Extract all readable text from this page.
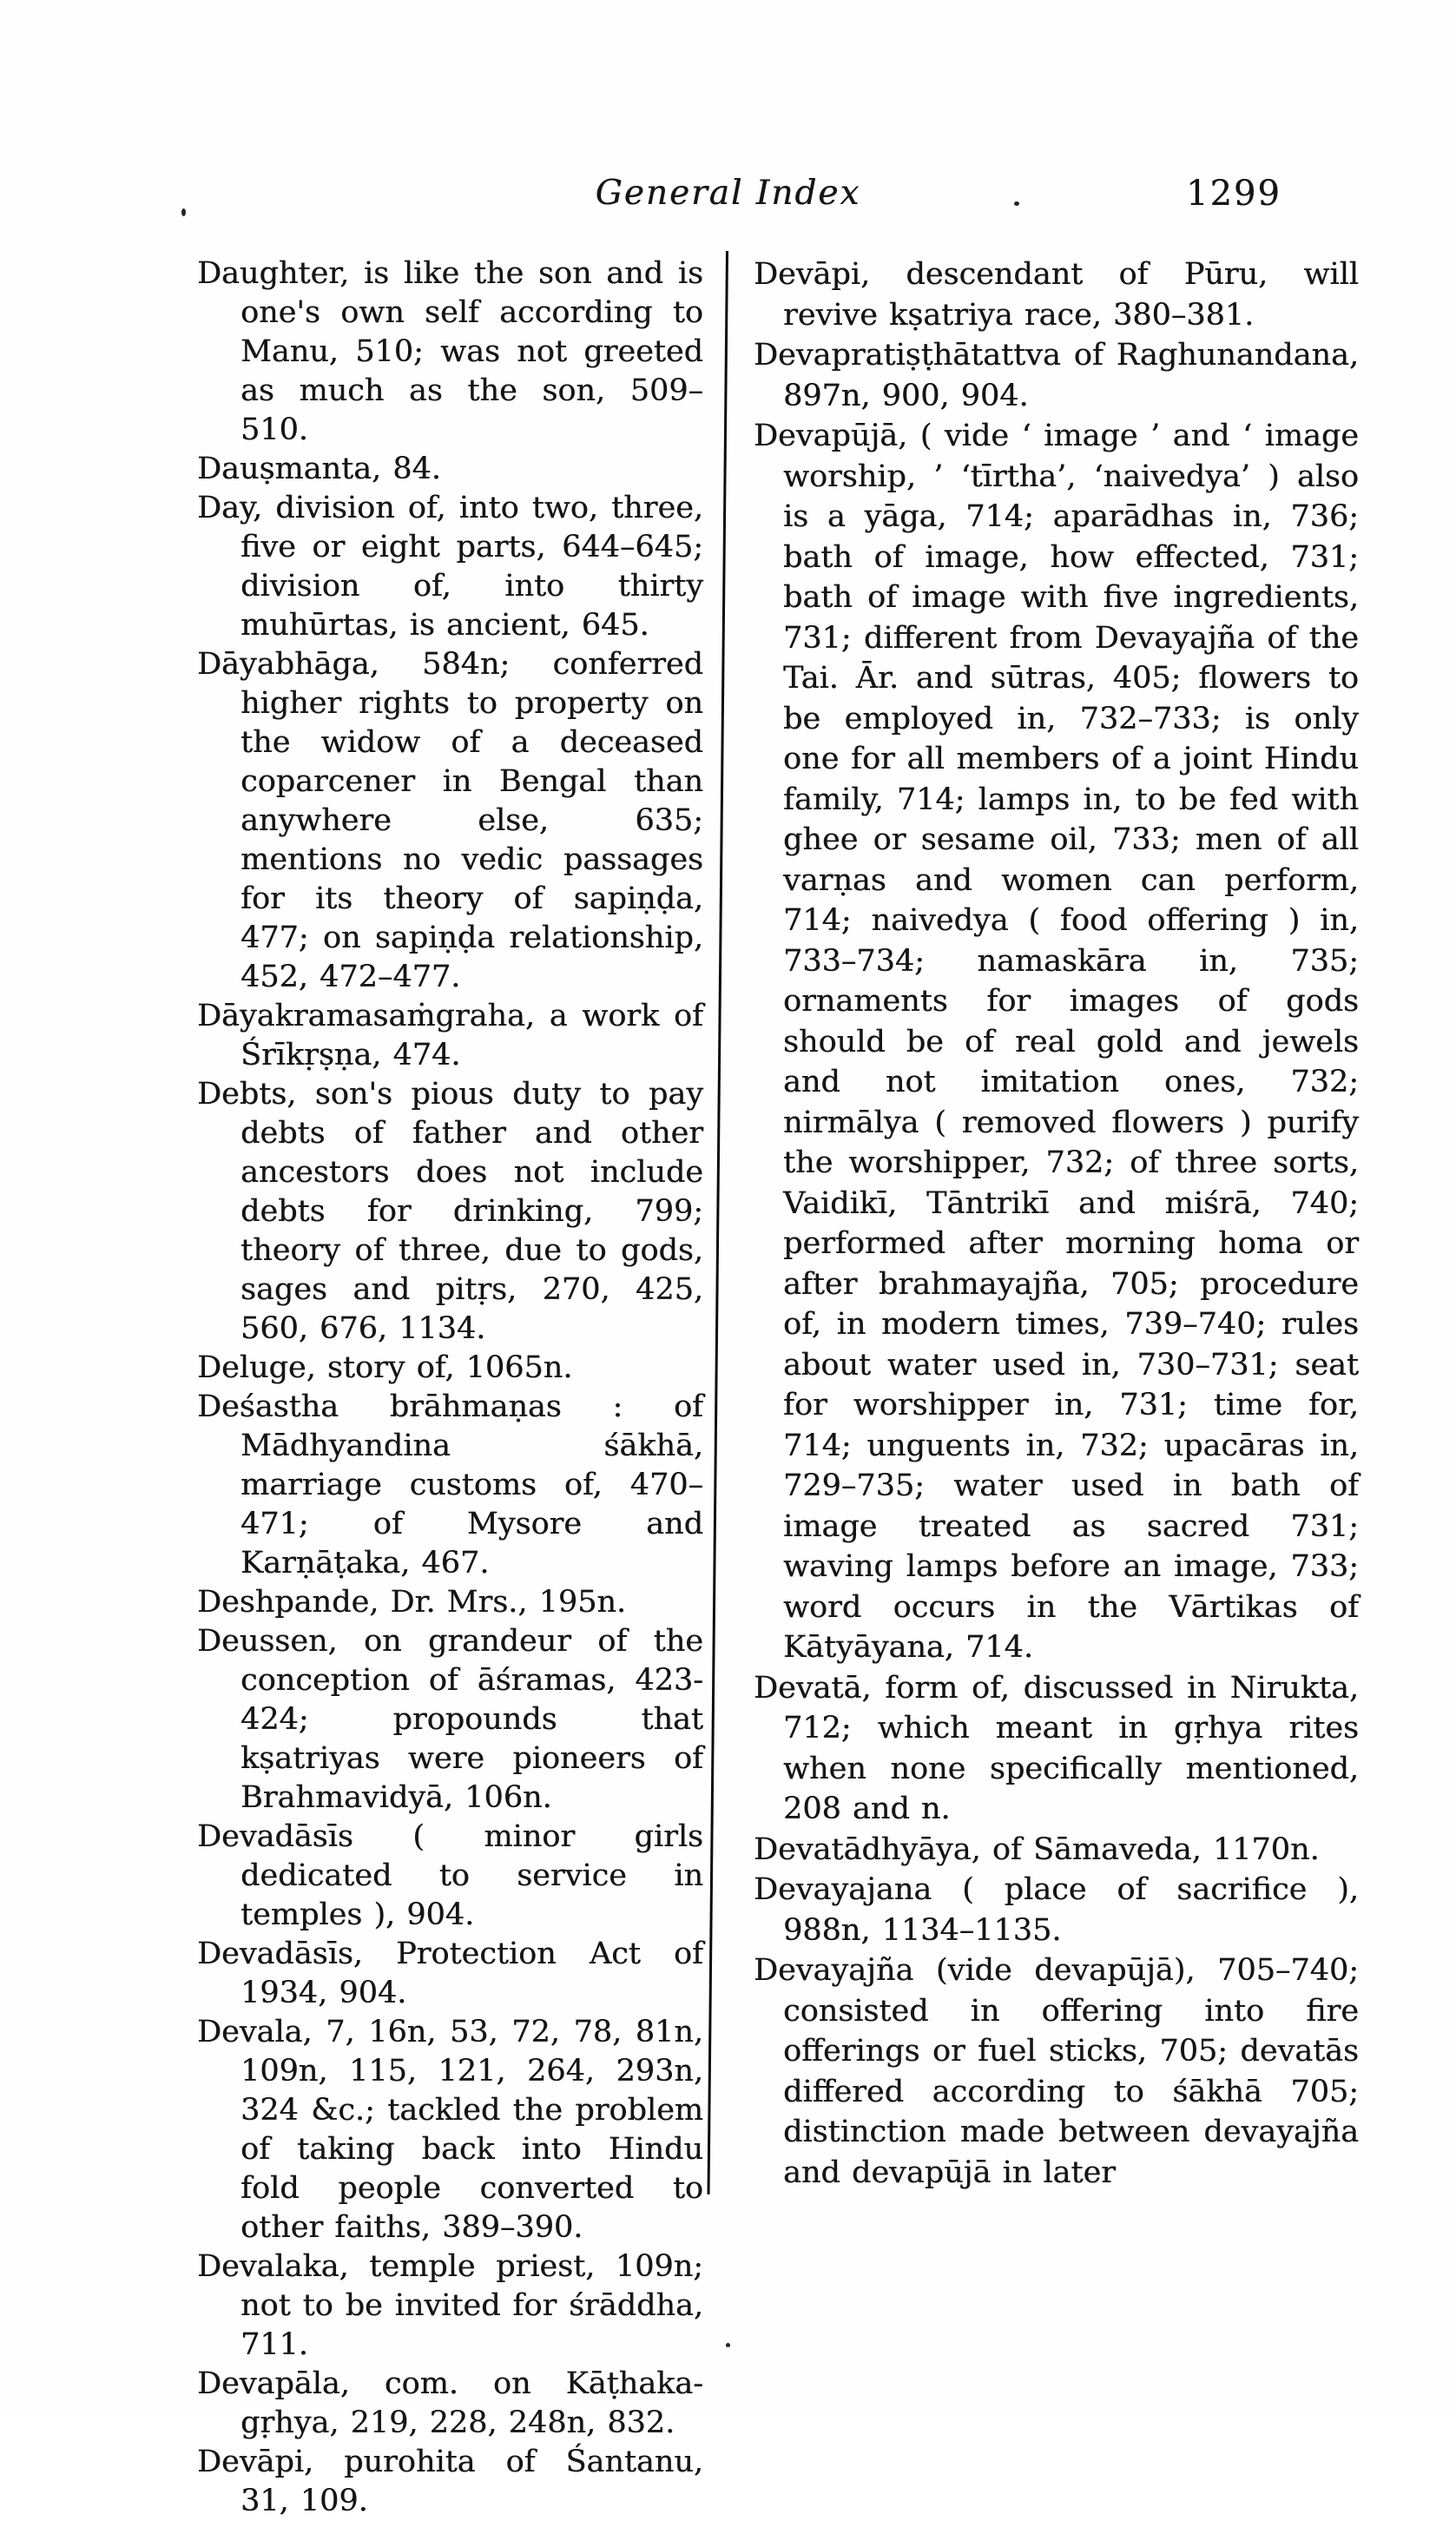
General Index	1299

Daughter, is like the son and is one's own self according to Manu, 510; was not greeted as much as the son, 509–510.

Dauṣmanta, 84.

Day, division of, into two, three, five or eight parts, 644–645; division of, into thirty muhūrtas, is ancient, 645.

Dāyabhāga, 584n; conferred higher rights to property on the widow of a deceased coparcener in Bengal than anywhere else, 635; mentions no vedic passages for its theory of sapiṇḍa, 477; on sapiṇḍa relationship, 452, 472–477.

Dāyakramasaṁgraha, a work of Śrīkṛṣṇa, 474.

Debts, son's pious duty to pay debts of father and other ancestors does not include debts for drinking, 799; theory of three, due to gods, sages and pitṛs, 270, 425, 560, 676, 1134.

Deluge, story of, 1065n.

Deśastha brāhmaṇas : of Mādhyandina śākhā, marriage customs of, 470–471; of Mysore and Karṇāṭaka, 467.

Deshpande, Dr. Mrs., 195n.

Deussen, on grandeur of the conception of āśramas, 423-424; propounds that kṣatriyas were pioneers of Brahmavidyā, 106n.

Devadāsīs ( minor girls dedicated to service in temples ), 904.

Devadāsīs, Protection Act of 1934, 904.

Devala, 7, 16n, 53, 72, 78, 81n, 109n, 115, 121, 264, 293n, 324 &c.; tackled the problem of taking back into Hindu fold people converted to other faiths, 389–390.

Devalaka, temple priest, 109n; not to be invited for śrāddha, 711.

Devapāla, com. on Kāṭhaka-gṛhya, 219, 228, 248n, 832.

Devāpi, purohita of Śantanu, 31, 109.

Devāpi, descendant of Pūru, will revive kṣatriya race, 380–381.

Devapratiṣṭhātattva of Raghunandana, 897n, 900, 904.

Devapūjā, ( vide ‘ image ’ and ‘ image worship, ’ ‘tīrtha’, ‘naivedya’ ) also is a yāga, 714; aparādhas in, 736; bath of image, how effected, 731; bath of image with five ingredients, 731; different from Devayajña of the Tai. Ār. and sūtras, 405; flowers to be employed in, 732–733; is only one for all members of a joint Hindu family, 714; lamps in, to be fed with ghee or sesame oil, 733; men of all varṇas and women can perform, 714; naivedya ( food offering ) in, 733–734; namaskāra in, 735; ornaments for images of gods should be of real gold and jewels and not imitation ones, 732; nirmālya ( removed flowers ) purify the worshipper, 732; of three sorts, Vaidikī, Tāntrikī and miśrā, 740; performed after morning homa or after brahmayajña, 705; procedure of, in modern times, 739–740; rules about water used in, 730–731; seat for worshipper in, 731; time for, 714; unguents in, 732; upacāras in, 729–735; water used in bath of image treated as sacred 731; waving lamps before an image, 733; word occurs in the Vārtikas of Kātyāyana, 714.

Devatā, form of, discussed in Nirukta, 712; which meant in gṛhya rites when none specifically mentioned, 208 and n.

Devatādhyāya, of Sāmaveda, 1170n.

Devayajana ( place of sacrifice ), 988n, 1134–1135.

Devayajña (vide devapūjā), 705–740; consisted in offering into fire offerings or fuel sticks, 705; devatās differed according to śākhā 705; distinction made between devayajña and devapūjā in later
